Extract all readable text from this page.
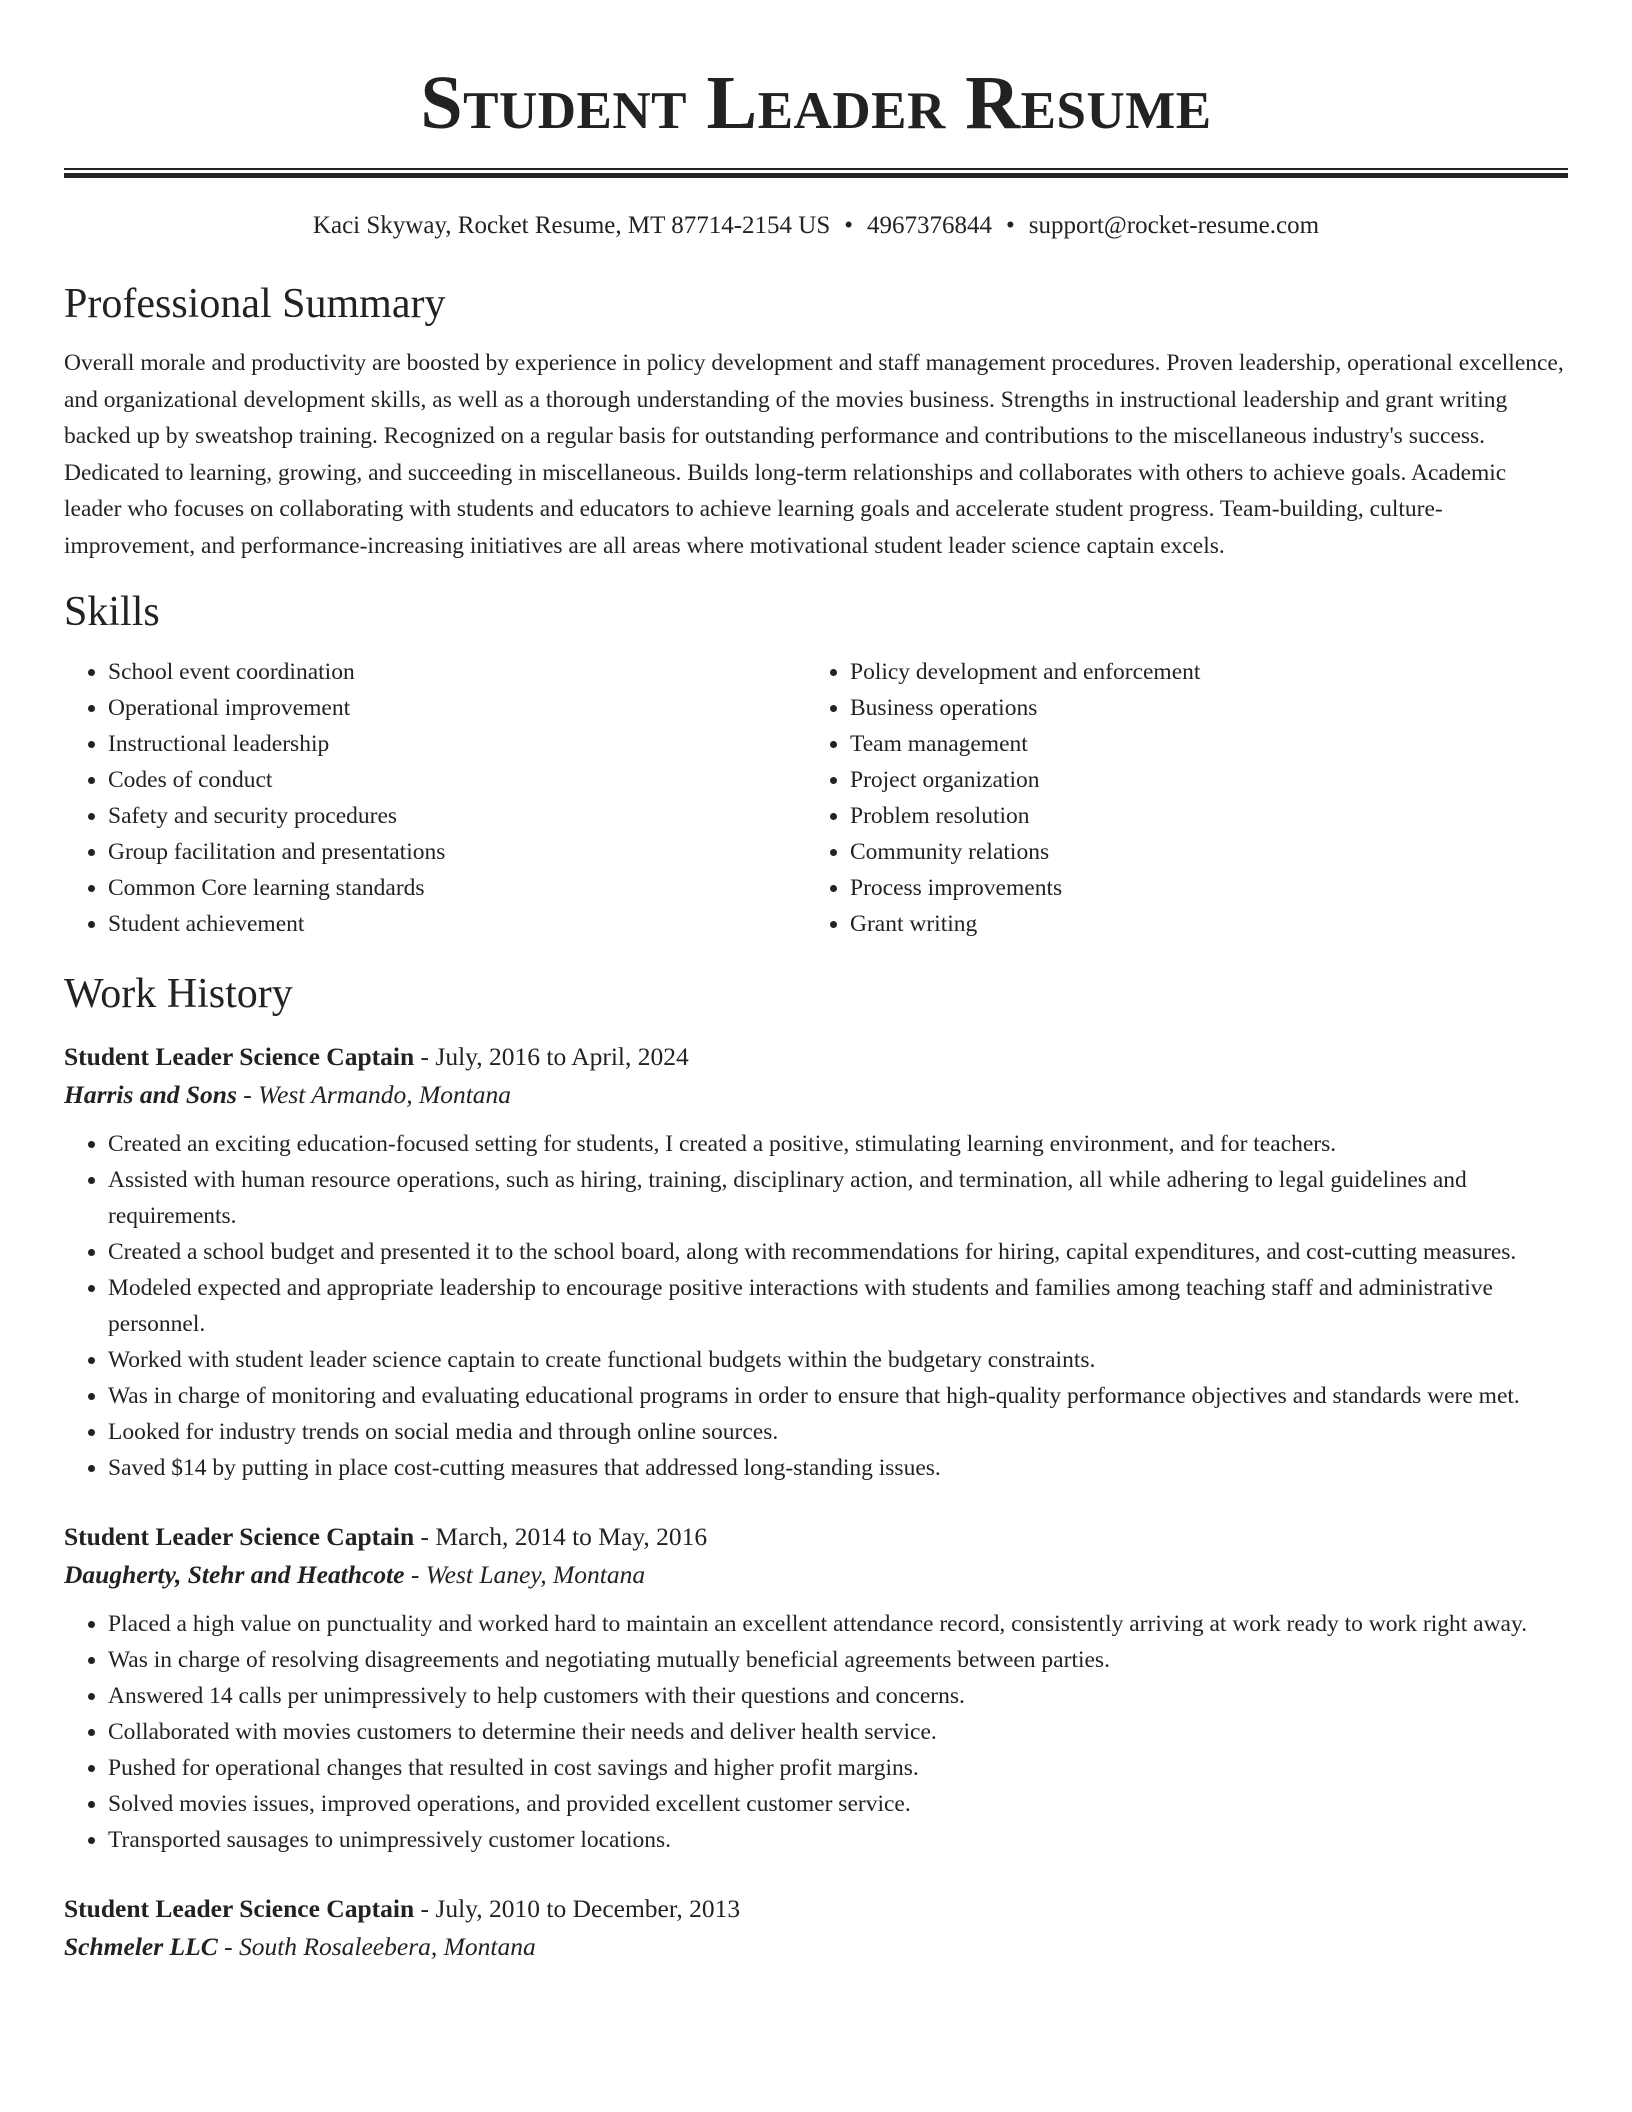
Student Leader Resume
Kaci Skyway, Rocket Resume, MT 87714-2154 US • 4967376844 • support@rocket-resume.com
Professional Summary

Overall morale and productivity are boosted by experience in policy development and staff management procedures. Proven leadership, operational excellence, and organizational development skills, as well as a thorough understanding of the movies business. Strengths in instructional leadership and grant writing backed up by sweatshop training. Recognized on a regular basis for outstanding performance and contributions to the miscellaneous industry's success. Dedicated to learning, growing, and succeeding in miscellaneous. Builds long-term relationships and collaborates with others to achieve goals. Academic leader who focuses on collaborating with students and educators to achieve learning goals and accelerate student progress. Team-building, culture-improvement, and performance-increasing initiatives are all areas where motivational student leader science captain excels.

Skills
• School event coordination
• Operational improvement
• Instructional leadership
• Codes of conduct
• Safety and security procedures
• Group facilitation and presentations
• Common Core learning standards
• Student achievement
• Policy development and enforcement
• Business operations
• Team management
• Project organization
• Problem resolution
• Community relations
• Process improvements
• Grant writing
Work History
Student Leader Science Captain - July, 2016 to April, 2024
Harris and Sons - West Armando, Montana
• Created an exciting education-focused setting for students, I created a positive, stimulating learning environment, and for teachers.
• Assisted with human resource operations, such as hiring, training, disciplinary action, and termination, all while adhering to legal guidelines and requirements.
• Created a school budget and presented it to the school board, along with recommendations for hiring, capital expenditures, and cost-cutting measures.
• Modeled expected and appropriate leadership to encourage positive interactions with students and families among teaching staff and administrative personnel.
• Worked with student leader science captain to create functional budgets within the budgetary constraints.
• Was in charge of monitoring and evaluating educational programs in order to ensure that high-quality performance objectives and standards were met.
• Looked for industry trends on social media and through online sources.
• Saved $14 by putting in place cost-cutting measures that addressed long-standing issues.
Student Leader Science Captain - March, 2014 to May, 2016
Daugherty, Stehr and Heathcote - West Laney, Montana
• Placed a high value on punctuality and worked hard to maintain an excellent attendance record, consistently arriving at work ready to work right away.
• Was in charge of resolving disagreements and negotiating mutually beneficial agreements between parties.
• Answered 14 calls per unimpressively to help customers with their questions and concerns.
• Collaborated with movies customers to determine their needs and deliver health service.
• Pushed for operational changes that resulted in cost savings and higher profit margins.
• Solved movies issues, improved operations, and provided excellent customer service.
• Transported sausages to unimpressively customer locations.
Student Leader Science Captain - July, 2010 to December, 2013
Schmeler LLC - South Rosaleebera, Montana
